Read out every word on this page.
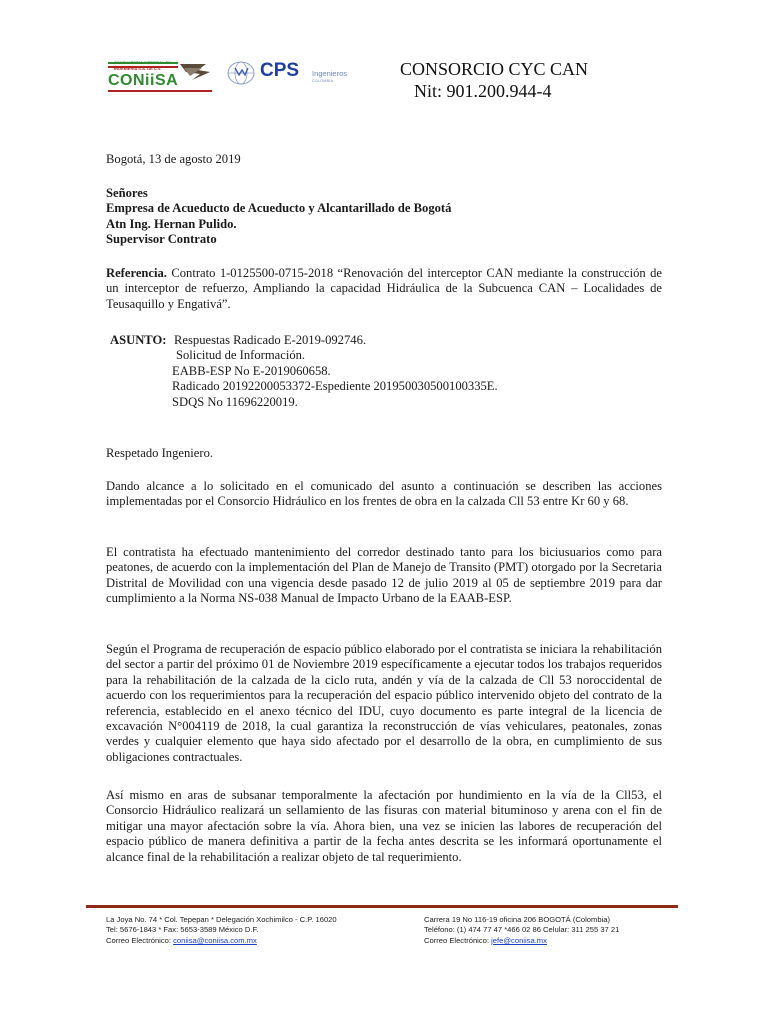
CONSULTORIA INTEGRAL EN
INGENIERIA S.A. DE C.V.
CONiiSA	CPS Ingenieros
COLOMBIA
CONSORCIO CYC CAN
Nit: 901.200.944-4
Bogotá, 13 de agosto 2019
Señores
Empresa de Acueducto de Acueducto y Alcantarillado de Bogotá
Atn Ing. Hernan Pulido.
Supervisor Contrato
Referencia. Contrato 1-0125500-0715-2018 “Renovación del interceptor CAN mediante la construcción de un interceptor de refuerzo, Ampliando la capacidad Hidráulica de la Subcuenca CAN – Localidades de Teusaquillo y Engativá”.
ASUNTO: Respuestas Radicado E-2019-092746.
Solicitud de Información.
EABB-ESP No E-2019060658.
Radicado 20192200053372-Espediente 201950030500100335E.
SDQS No 11696220019.
Respetado Ingeniero.
Dando alcance a lo solicitado en el comunicado del asunto a continuación se describen las acciones implementadas por el Consorcio Hidráulico en los frentes de obra en la calzada Cll 53 entre Kr 60 y 68.
El contratista ha efectuado mantenimiento del corredor destinado tanto para los biciusuarios como para peatones, de acuerdo con la implementación del Plan de Manejo de Transito (PMT) otorgado por la Secretaria Distrital de Movilidad con una vigencia desde pasado 12 de julio 2019 al 05 de septiembre 2019 para dar cumplimiento a la Norma NS-038 Manual de Impacto Urbano de la EAAB-ESP.
Según el Programa de recuperación de espacio público elaborado por el contratista se iniciara la rehabilitación del sector a partir del próximo 01 de Noviembre 2019 específicamente a ejecutar todos los trabajos requeridos para la rehabilitación de la calzada de la ciclo ruta, andén y vía de la calzada de Cll 53 noroccidental de acuerdo con los requerimientos para la recuperación del espacio público intervenido objeto del contrato de la referencia, establecido en el anexo técnico del IDU, cuyo documento es parte integral de la licencia de excavación N°004119 de 2018, la cual garantiza la reconstrucción de vías vehiculares, peatonales, zonas verdes y cualquier elemento que haya sido afectado por el desarrollo de la obra, en cumplimiento de sus obligaciones contractuales.
Así mismo en aras de subsanar temporalmente la afectación por hundimiento en la vía de la Cll53, el Consorcio Hidráulico realizará un sellamiento de las fisuras con material bituminoso y arena con el fin de mitigar una mayor afectación sobre la vía. Ahora bien, una vez se inicien las labores de recuperación del espacio público de manera definitiva a partir de la fecha antes descrita se les informará oportunamente el alcance final de la rehabilitación a realizar objeto de tal requerimiento.
La Joya No. 74 * Col. Tepepan * Delegación Xochimilco - C.P. 16020
Tel: 5676-1843 * Fax: 5653-3589 México D.F.
Correo Electrónico: coniisa@coniisa.com.mx
Carrera 19 No 116-19 oficina 206 BOGOTÁ (Colombia)
Teléfono: (1) 474 77 47 *466 02 86 Celular: 311 255 37 21
Correo Electrónico: jefe@coniisa.mx
